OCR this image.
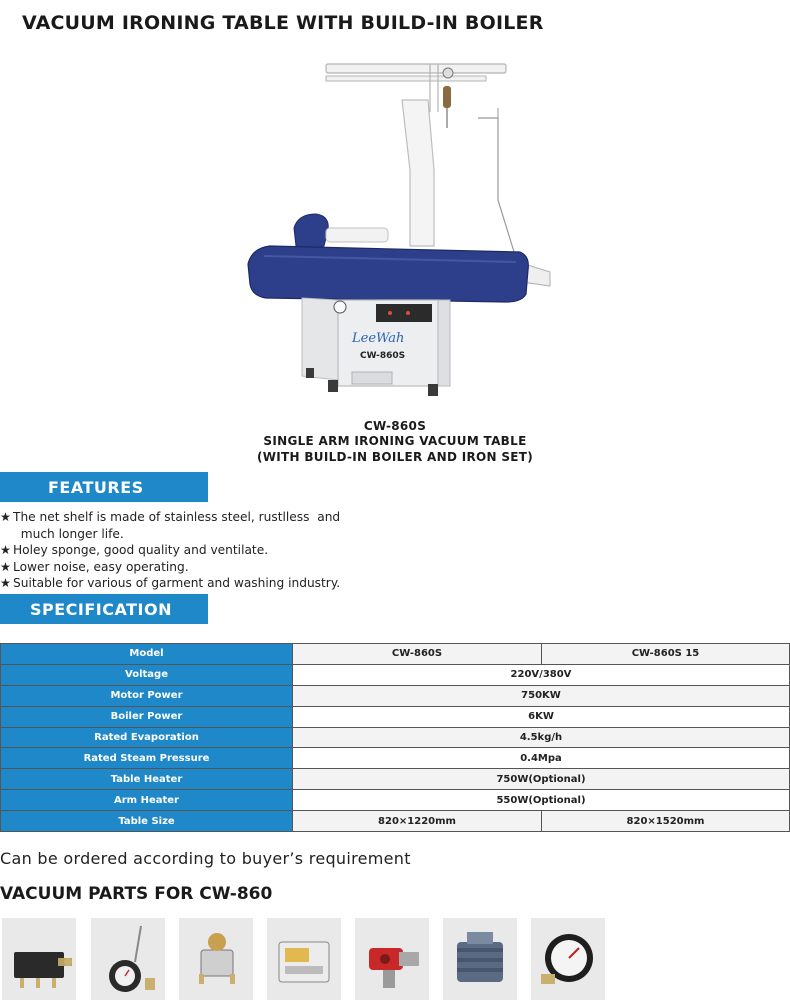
VACUUM IRONING TABLE WITH BUILD-IN BOILER
LeeWah
CW-860S
CW-860S
SINGLE ARM IRONING VACUUM TABLE
(WITH BUILD-IN BOILER AND IRON SET)
FEATURES
★ The net shelf is made of stainless steel, rustlless  and
much longer life.
★ Holey sponge, good quality and ventilate.
★ Lower noise, easy operating.
★ Suitable for various of garment and washing industry.
SPECIFICATION
Model	CW-860S	CW-860S 15
Voltage	220V/380V	
Motor Power	750KW	
Boiler Power	6KW	
Rated Evaporation	4.5kg/h	
Rated Steam Pressure	0.4Mpa	
Table Heater	750W(Optional)	
Arm Heater	550W(Optional)	
Table Size	820×1220mm	820×1520mm
Can be ordered according to buyer’s requirement
VACUUM PARTS FOR CW-860
